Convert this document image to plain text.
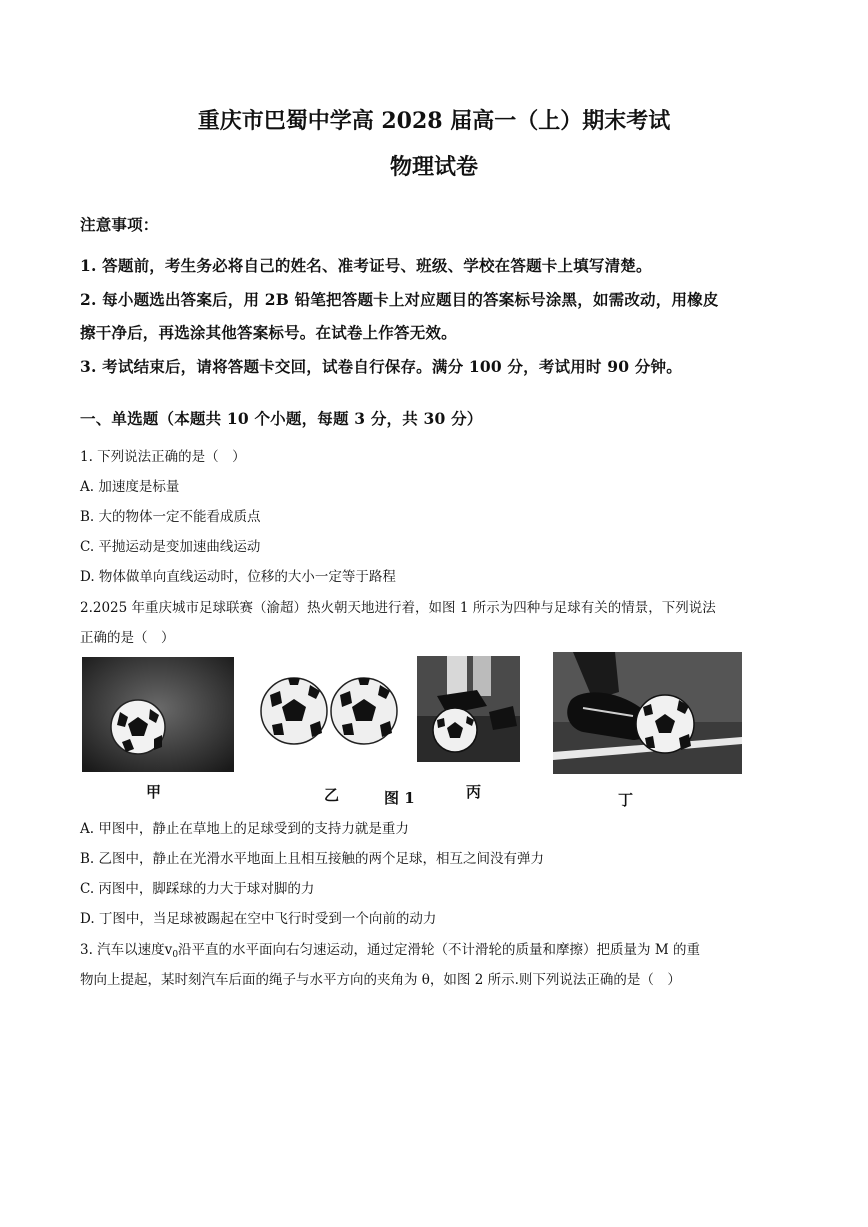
重庆市巴蜀中学高 2028 届高一（上）期末考试
物理试卷
注意事项：
1. 答题前，考生务必将自己的姓名、准考证号、班级、学校在答题卡上填写清楚。
2. 每小题选出答案后，用 2B 铅笔把答题卡上对应题目的答案标号涂黑，如需改动，用橡皮
擦干净后，再选涂其他答案标号。在试卷上作答无效。
3. 考试结束后，请将答题卡交回，试卷自行保存。满分 100 分，考试用时 90 分钟。
一、单选题（本题共 10 个小题，每题 3 分，共 30 分）
1. 下列说法正确的是（　）
A. 加速度是标量
B. 大的物体一定不能看成质点
C. 平抛运动是变加速曲线运动
D. 物体做单向直线运动时，位移的大小一定等于路程
2.2025 年重庆城市足球联赛（渝超）热火朝天地进行着，如图 1 所示为四种与足球有关的情景，下列说法
正确的是（　）
甲	乙	图 1	丙	丁
A. 甲图中，静止在草地上的足球受到的支持力就是重力
B. 乙图中，静止在光滑水平地面上且相互接触的两个足球，相互之间没有弹力
C. 丙图中，脚踩球的力大于球对脚的力
D. 丁图中，当足球被踢起在空中飞行时受到一个向前的动力
3. 汽车以速度$v_0$沿平直的水平面向右匀速运动，通过定滑轮（不计滑轮的质量和摩擦）把质量为 M 的重
物向上提起，某时刻汽车后面的绳子与水平方向的夹角为 θ，如图 2 所示.则下列说法正确的是（　）
